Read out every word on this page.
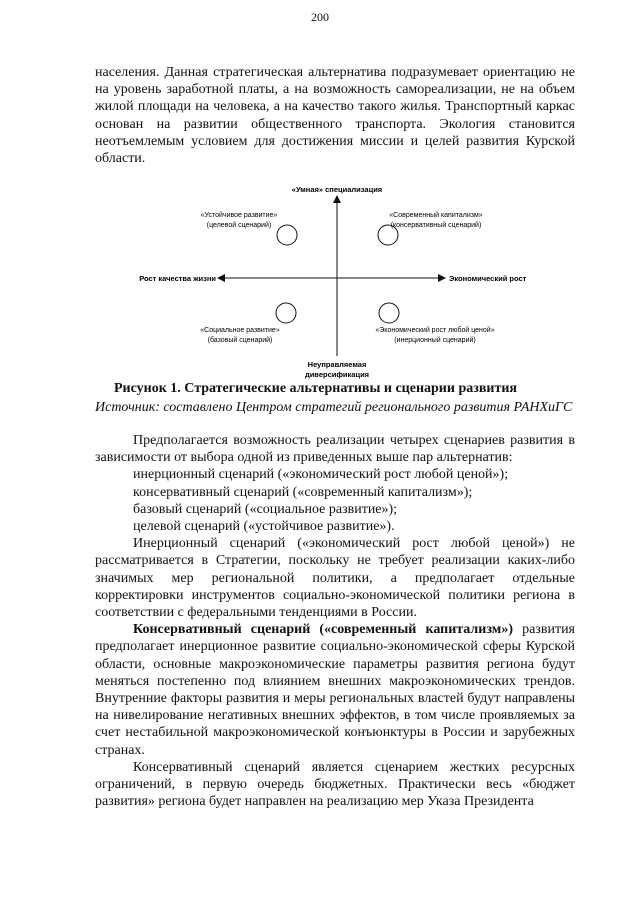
200

населения. Данная стратегическая альтернатива подразумевает ориентацию не на уровень заработной платы, а на возможность самореализации, не на объем жилой площади на человека, а на качество такого жилья. Транспортный каркас основан на развитии общественного транспорта. Экология становится неотъемлемым условием для достижения миссии и целей развития Курской области.

«Умная» специализация
Неуправляемая
диверсификация
Рост качества жизни	Экономический рост
«Устойчивое развитие»
(целевой сценарий)
«Современный капитализм»
(консервативный сценарий)
«Социальное развитие»
(базовый сценарий)
«Экономический рост любой ценой»
(инерционный сценарий)
Рисунок 1. Стратегические альтернативы и сценарии развития
Источник: составлено Центром стратегий регионального развития РАНХиГС

Предполагается возможность реализации четырех сценариев развития в зависимости от выбора одной из приведенных выше пар альтернатив:

инерционный сценарий («экономический рост любой ценой»);

консервативный сценарий («современный капитализм»);

базовый сценарий («социальное развитие»);

целевой сценарий («устойчивое развитие»).

Инерционный сценарий («экономический рост любой ценой») не рассматривается в Стратегии, поскольку не требует реализации каких-либо значимых мер региональной политики, а предполагает отдельные корректировки инструментов социально-экономической политики региона в соответствии с федеральными тенденциями в России.

Консервативный сценарий («современный капитализм») развития предполагает инерционное развитие социально-экономической сферы Курской области, основные макроэкономические параметры развития региона будут меняться постепенно под влиянием внешних макроэкономических трендов. Внутренние факторы развития и меры региональных властей будут направлены на нивелирование негативных внешних эффектов, в том числе проявляемых за счет нестабильной макроэкономической конъюнктуры в России и зарубежных странах.

Консервативный сценарий является сценарием жестких ресурсных ограничений, в первую очередь бюджетных. Практически весь «бюджет развития» региона будет направлен на реализацию мер Указа Президента
